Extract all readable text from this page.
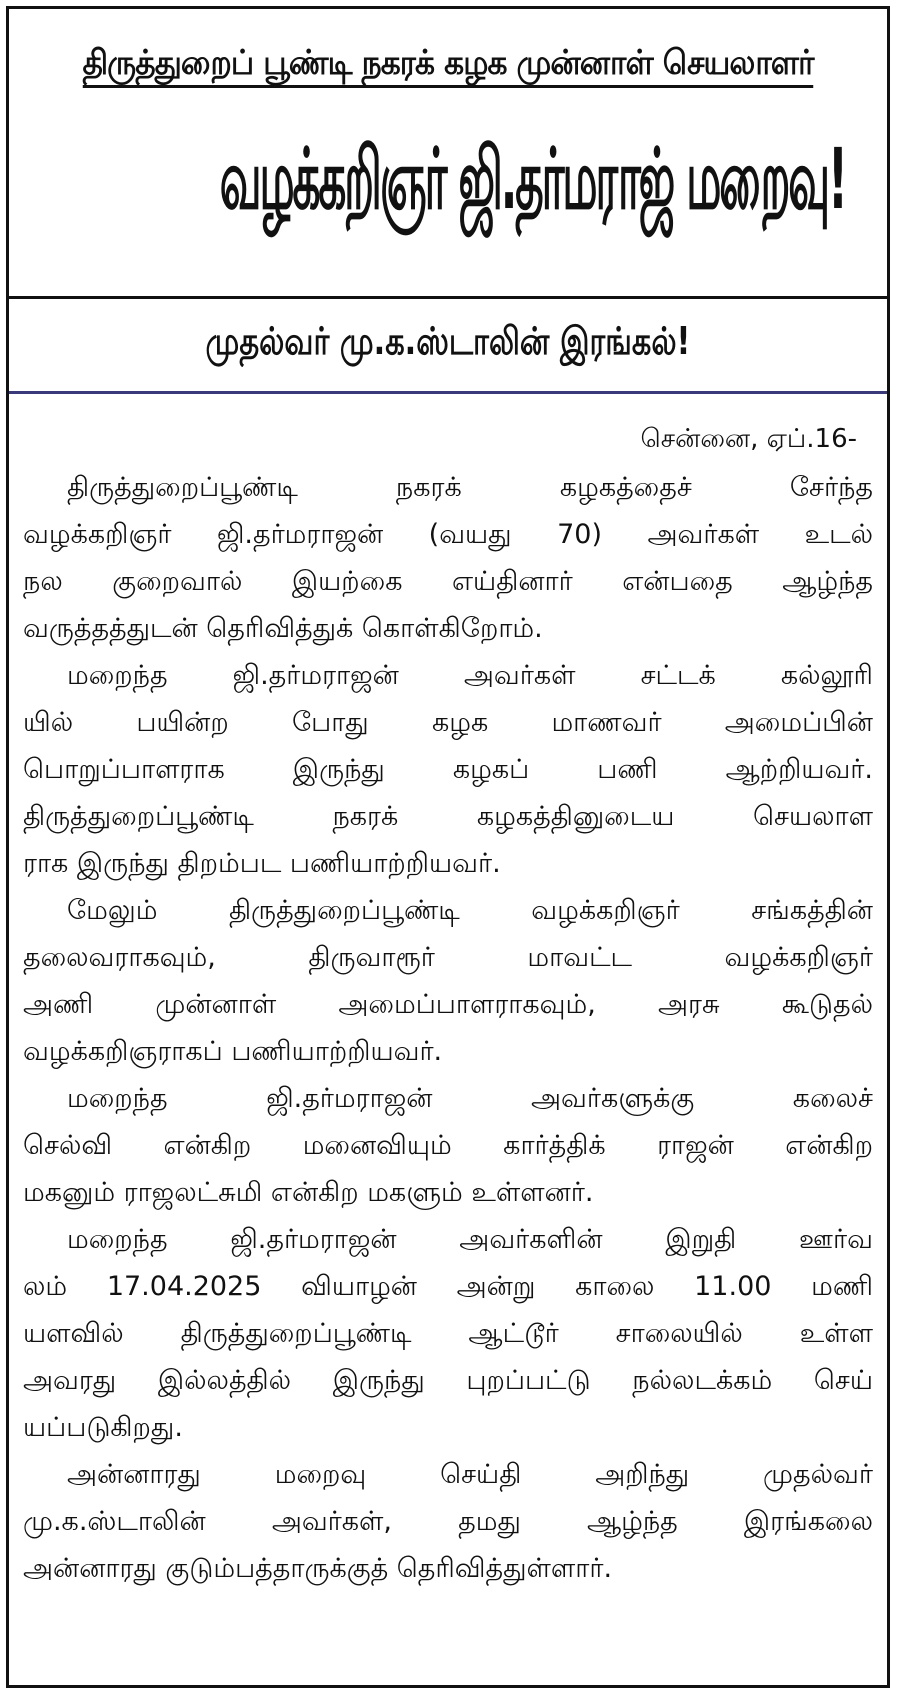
திருத்துறைப் பூண்டி நகரக் கழக முன்னாள் செயலாளர்
வழக்கறிஞர் ஜி.தர்மராஜ் மறைவு!
முதல்வர் மு.க.ஸ்டாலின் இரங்கல்!
சென்னை, ஏப்.16-
திருத்துறைப்பூண்டி நகரக் கழகத்தைச் சேர்ந்த
வழக்கறிஞர் ஜி.தர்மராஜன் (வயது 70) அவர்கள் உடல்
நல குறைவால் இயற்கை எய்தினார் என்பதை ஆழ்ந்த
வருத்தத்துடன் தெரிவித்துக் கொள்கிறோம்.
மறைந்த ஜி.தர்மராஜன் அவர்கள் சட்டக் கல்லூரி
யில் பயின்ற போது கழக மாணவர் அமைப்பின்
பொறுப்பாளராக இருந்து கழகப் பணி ஆற்றியவர்.
திருத்துறைப்பூண்டி நகரக் கழகத்தினுடைய செயலாள
ராக இருந்து திறம்பட பணியாற்றியவர்.
மேலும் திருத்துறைப்பூண்டி வழக்கறிஞர் சங்கத்தின்
தலைவராகவும், திருவாரூர் மாவட்ட வழக்கறிஞர்
அணி முன்னாள் அமைப்பாளராகவும், அரசு கூடுதல்
வழக்கறிஞராகப் பணியாற்றியவர்.
மறைந்த ஜி.தர்மராஜன் அவர்களுக்கு கலைச்
செல்வி என்கிற மனைவியும் கார்த்திக் ராஜன் என்கிற
மகனும் ராஜலட்சுமி என்கிற மகளும் உள்ளனர்.
மறைந்த ஜி.தர்மராஜன் அவர்களின் இறுதி ஊர்வ
லம் 17.04.2025 வியாழன் அன்று காலை 11.00 மணி
யளவில் திருத்துறைப்பூண்டி ஆட்டூர் சாலையில் உள்ள
அவரது இல்லத்தில் இருந்து புறப்பட்டு நல்லடக்கம் செய்
யப்படுகிறது.
அன்னாரது மறைவு செய்தி அறிந்து முதல்வர்
மு.க.ஸ்டாலின் அவர்கள், தமது ஆழ்ந்த இரங்கலை
அன்னாரது குடும்பத்தாருக்குத் தெரிவித்துள்ளார்.
